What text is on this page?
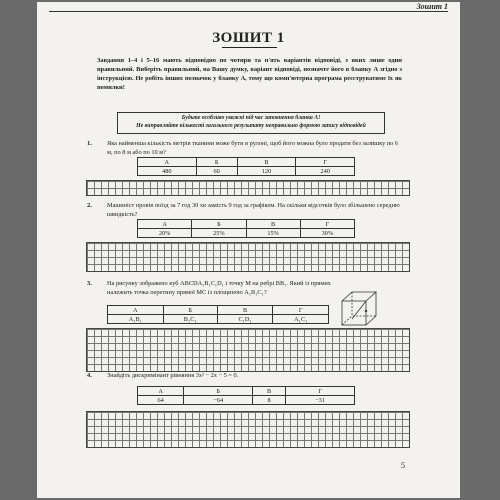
Зошит 1
ЗОШИТ 1
Завдання 1–4 і 5–16 мають відповідно по чотири та п'ять варіантів відповіді, з яких лише один правильний. Виберіть правильний, на Вашу думку, варіант відповіді, позначте його в бланку А згідно з інструкцією. Не робіть інших позначок у бланку А, тому що комп'ютерна програма реєструватиме їх як помилки!
Будьте особливо уважні під час заповнення бланка А!
Не виправляйте кількості загального результату неправильно формою запису відповідей
1. Яка найменша кількість метрів тканини може бути в рулоні, щоб його можна було продати без залишку по 6 м, по 8 м або по 10 м?
А	Б	В	Г
480	60	120	240
2. Машиніст провів поїзд за 7 год 30 хв замість 9 год за графіком. На скільки відсотків було збільшено середню швидкість?
А	Б	В	Г
20%	25%	15%	30%
3. На рисунку зображено куб ABCDA₁B₁C₁D₁ і точку M на ребрі BB₁. Який із прямих належить точка перетину прямої MC із площиною A₁B₁C₁?
А	Б	В	Г
A₁B₁	B₁C₁	C₁D₁	A₁C₁
4. Знайдіть дискримінант рівняння 3x² − 2x − 5 = 0.
А	Б	В	Г
64	−64	8	−31
5
